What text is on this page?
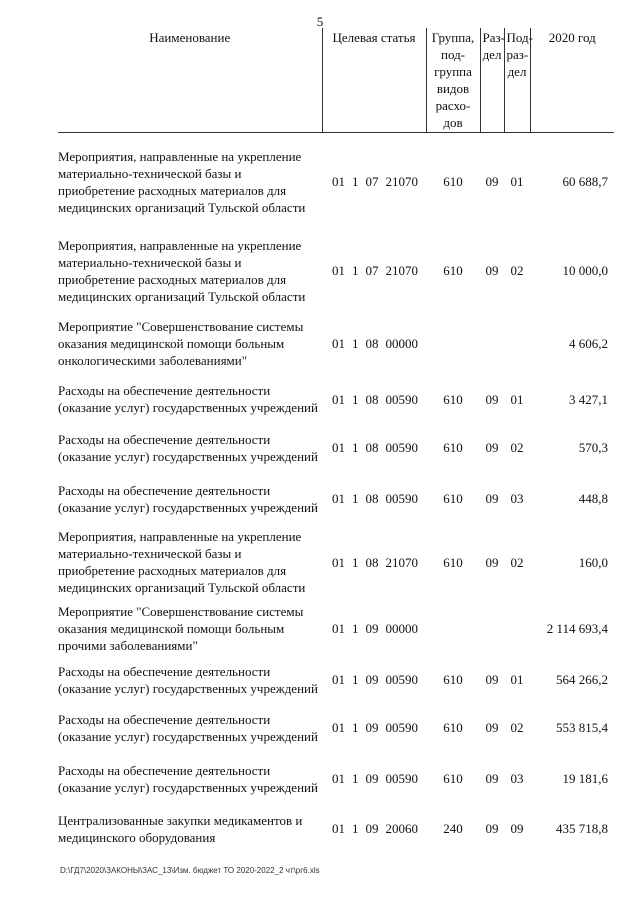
5
Наименование	Целевая статья	Группа, под-группа видов расхо-дов	Раз-дел	Под-раз-дел	2020 год
Мероприятия, направленные на укрепление материально-технической базы и приобретение расходных материалов для медицинских организаций Тульской области	01 1 07 21070	610	09	01	60 688,7
Мероприятия, направленные на укрепление материально-технической базы и приобретение расходных материалов для медицинских организаций Тульской области	01 1 07 21070	610	09	02	10 000,0
Мероприятие "Совершенствование системы оказания медицинской помощи больным онкологическими заболеваниями"	01 1 08 00000				4 606,2
Расходы на обеспечение деятельности (оказание услуг) государственных учреждений	01 1 08 00590	610	09	01	3 427,1
Расходы на обеспечение деятельности (оказание услуг) государственных учреждений	01 1 08 00590	610	09	02	570,3
Расходы на обеспечение деятельности (оказание услуг) государственных учреждений	01 1 08 00590	610	09	03	448,8
Мероприятия, направленные на укрепление материально-технической базы и приобретение расходных материалов для медицинских организаций Тульской области	01 1 08 21070	610	09	02	160,0
Мероприятие "Совершенствование системы оказания медицинской помощи больным прочими заболеваниями"	01 1 09 00000				2 114 693,4
Расходы на обеспечение деятельности (оказание услуг) государственных учреждений	01 1 09 00590	610	09	01	564 266,2
Расходы на обеспечение деятельности (оказание услуг) государственных учреждений	01 1 09 00590	610	09	02	553 815,4
Расходы на обеспечение деятельности (оказание услуг) государственных учреждений	01 1 09 00590	610	09	03	19 181,6
Централизованные закупки медикаментов и медицинского оборудования	01 1 09 20060	240	09	09	435 718,8
D:\ГД7\2020\ЗАКОНЫ\ЗАС_13\Изм. бюджет ТО 2020-2022_2 чт\рг6.xls
